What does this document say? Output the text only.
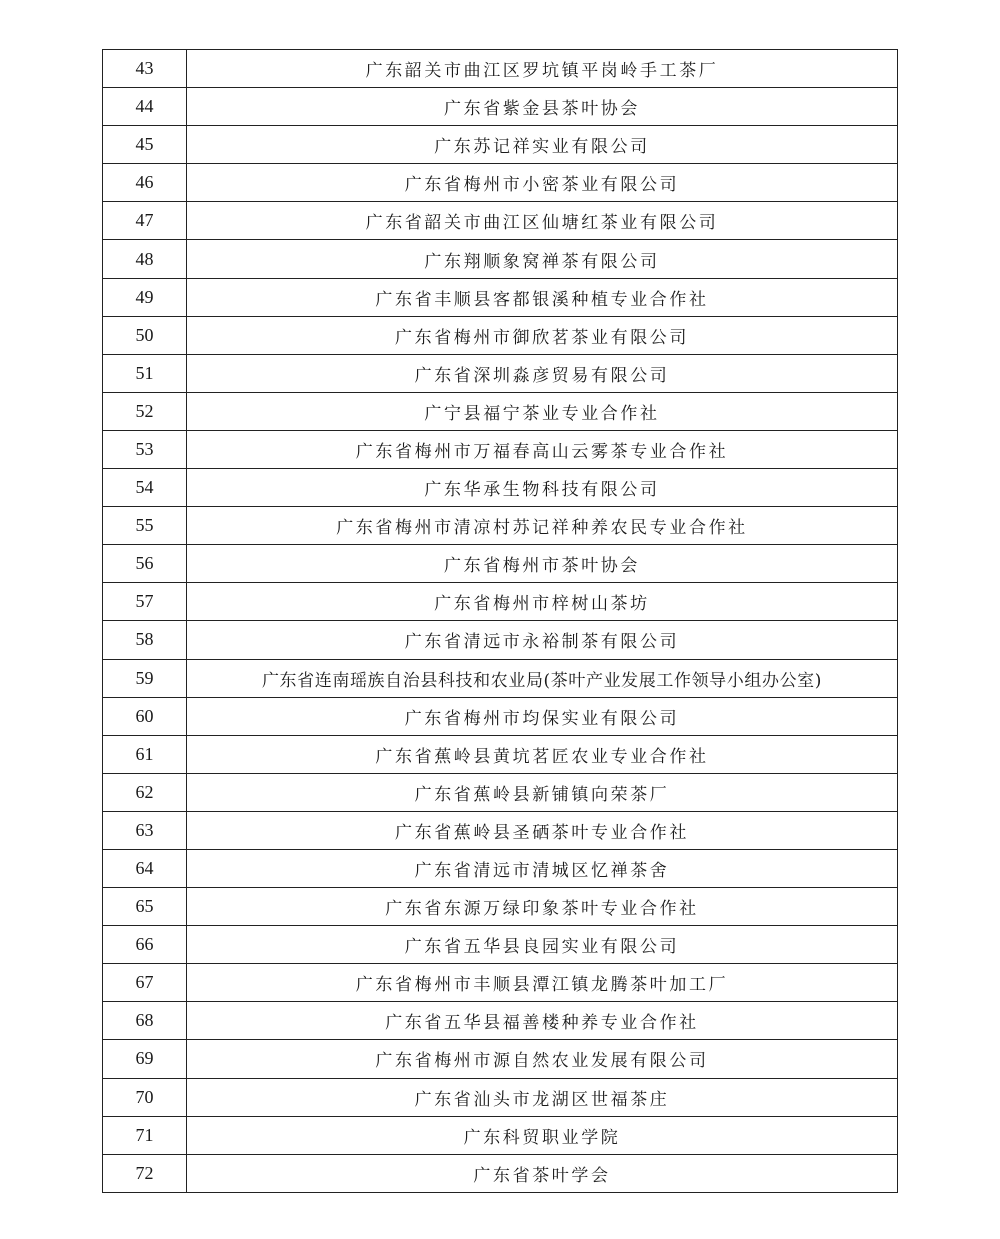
43	广东韶关市曲江区罗坑镇平岗岭手工茶厂
44	广东省紫金县茶叶协会
45	广东苏记祥实业有限公司
46	广东省梅州市小密茶业有限公司
47	广东省韶关市曲江区仙塘红茶业有限公司
48	广东翔顺象窝禅茶有限公司
49	广东省丰顺县客都银溪种植专业合作社
50	广东省梅州市御欣茗茶业有限公司
51	广东省深圳淼彦贸易有限公司
52	广宁县福宁茶业专业合作社
53	广东省梅州市万福春高山云雾茶专业合作社
54	广东华承生物科技有限公司
55	广东省梅州市清凉村苏记祥种养农民专业合作社
56	广东省梅州市茶叶协会
57	广东省梅州市梓树山茶坊
58	广东省清远市永裕制茶有限公司
59	广东省连南瑶族自治县科技和农业局(茶叶产业发展工作领导小组办公室)
60	广东省梅州市均保实业有限公司
61	广东省蕉岭县黄坑茗匠农业专业合作社
62	广东省蕉岭县新铺镇向荣茶厂
63	广东省蕉岭县圣硒茶叶专业合作社
64	广东省清远市清城区忆禅茶舍
65	广东省东源万绿印象茶叶专业合作社
66	广东省五华县良园实业有限公司
67	广东省梅州市丰顺县潭江镇龙腾茶叶加工厂
68	广东省五华县福善楼种养专业合作社
69	广东省梅州市源自然农业发展有限公司
70	广东省汕头市龙湖区世福茶庄
71	广东科贸职业学院
72	广东省茶叶学会
